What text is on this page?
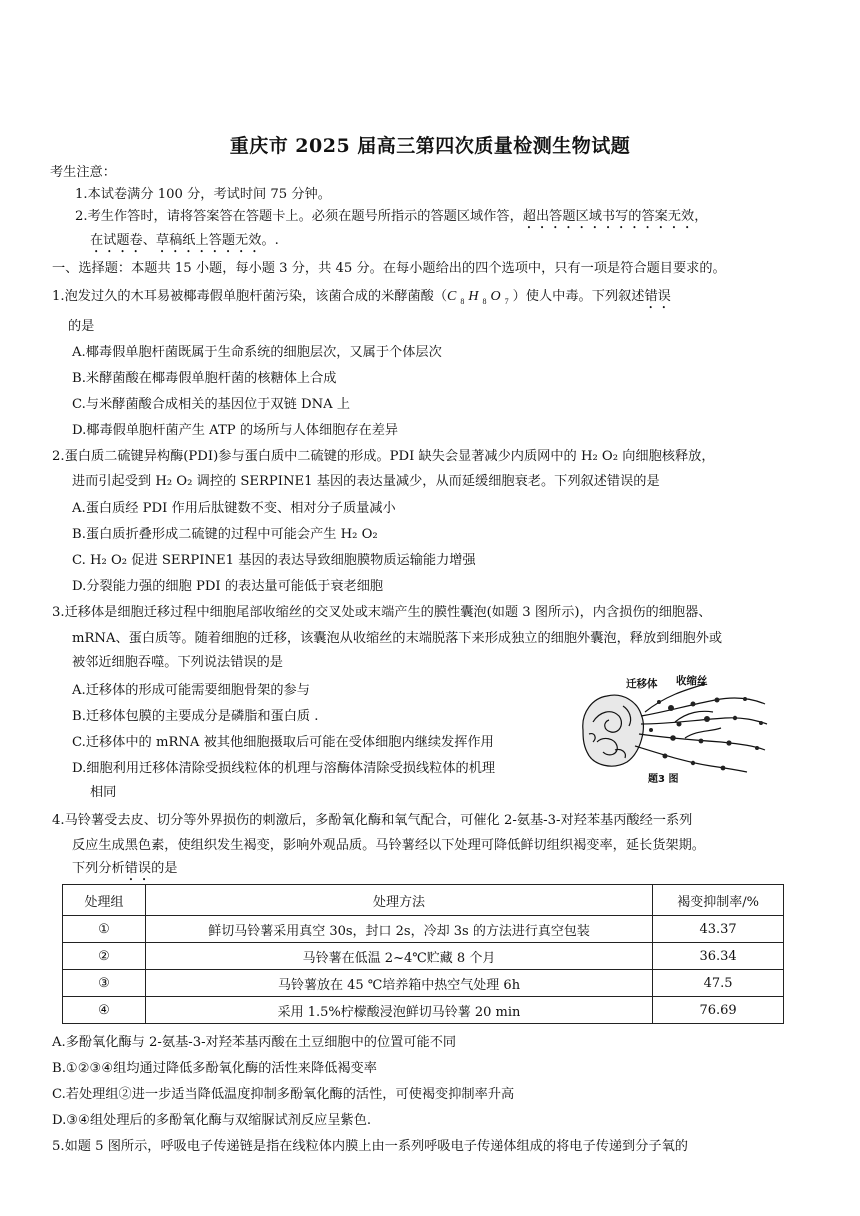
重庆市 2025 届高三第四次质量检测生物试题
考生注意：
1.本试卷满分 100 分，考试时间 75 分钟。
2.考生作答时，请将答案答在答题卡上。必须在题号所指示的答题区域作答，超出答题区域书写的答案无效，
在试题卷、草稿纸上答题无效。.
一、选择题：本题共 15 小题，每小题 3 分，共 45 分。在每小题给出的四个选项中，只有一项是符合题目要求的。
1.泡发过久的木耳易被椰毒假单胞杆菌污染，该菌合成的米酵菌酸（C $_8$ H $_8$ O $_7$ ）使人中毒。下列叙述错误
的是
A.椰毒假单胞杆菌既属于生命系统的细胞层次，又属于个体层次
B.米酵菌酸在椰毒假单胞杆菌的核糖体上合成
C.与米酵菌酸合成相关的基因位于双链 DNA 上
D.椰毒假单胞杆菌产生 ATP 的场所与人体细胞存在差异
2.蛋白质二硫键异构酶(PDI)参与蛋白质中二硫键的形成。PDI 缺失会显著减少内质网中的 H₂ O₂ 向细胞核释放，
进而引起受到 H₂ O₂ 调控的 SERPINE1 基因的表达量减少，从而延缓细胞衰老。下列叙述错误的是
A.蛋白质经 PDI 作用后肽键数不变、相对分子质量减小
B.蛋白质折叠形成二硫键的过程中可能会产生 H₂ O₂
C. H₂ O₂ 促进 SERPINE1 基因的表达导致细胞膜物质运输能力增强
D.分裂能力强的细胞 PDI 的表达量可能低于衰老细胞
3.迁移体是细胞迁移过程中细胞尾部收缩丝的交叉处或末端产生的膜性囊泡(如题 3 图所示)，内含损伤的细胞器、
mRNA、蛋白质等。随着细胞的迁移，该囊泡从收缩丝的末端脱落下来形成独立的细胞外囊泡，释放到细胞外或
被邻近细胞吞噬。下列说法错误的是
A.迁移体的形成可能需要细胞骨架的参与
B.迁移体包膜的主要成分是磷脂和蛋白质 .
C.迁移体中的 mRNA 被其他细胞摄取后可能在受体细胞内继续发挥作用
D.细胞利用迁移体清除受损线粒体的机理与溶酶体清除受损线粒体的机理
相同
迁移体 收缩丝
题3 图
4.马铃薯受去皮、切分等外界损伤的刺激后，多酚氧化酶和氧气配合，可催化 2-氨基-3-对羟苯基丙酸经一系列
反应生成黑色素，使组织发生褐变，影响外观品质。马铃薯经以下处理可降低鲜切组织褐变率，延长货架期。
下列分析错误的是
处理组	处理方法	褐变抑制率/%
①	鲜切马铃薯采用真空 30s，封口 2s，冷却 3s 的方法进行真空包装	43.37
②	马铃薯在低温 2~4℃贮藏 8 个月	36.34
③	马铃薯放在 45 ℃培养箱中热空气处理 6h	47.5
④	采用 1.5%柠檬酸浸泡鲜切马铃薯 20 min	76.69
A.多酚氧化酶与 2-氨基-3-对羟苯基丙酸在土豆细胞中的位置可能不同
B.①②③④组均通过降低多酚氧化酶的活性来降低褐变率
C.若处理组②进一步适当降低温度抑制多酚氧化酶的活性，可使褐变抑制率升高
D.③④组处理后的多酚氧化酶与双缩脲试剂反应呈紫色.
5.如题 5 图所示，呼吸电子传递链是指在线粒体内膜上由一系列呼吸电子传递体组成的将电子传递到分子氧的
